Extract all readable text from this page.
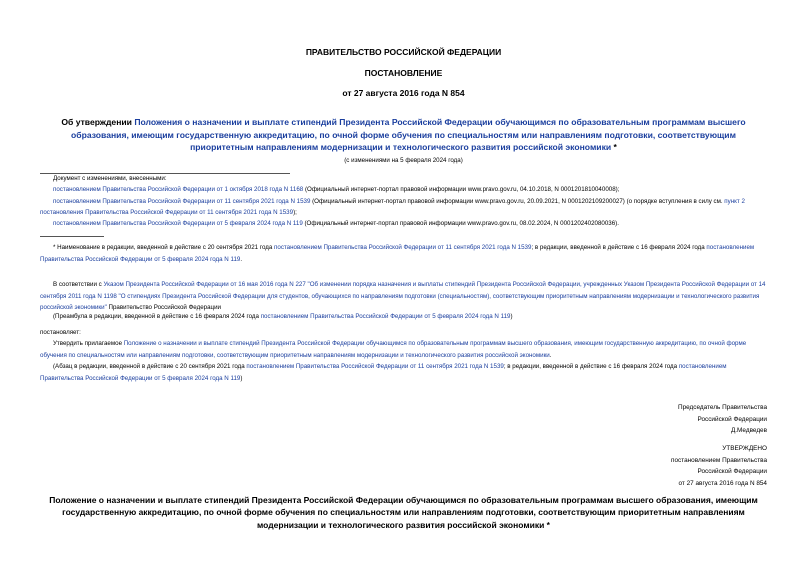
ПРАВИТЕЛЬСТВО РОССИЙСКОЙ ФЕДЕРАЦИИ
ПОСТАНОВЛЕНИЕ
от 27 августа 2016 года N 854
Об утверждении Положения о назначении и выплате стипендий Президента Российской Федерации обучающимся по образовательным программам высшего образования, имеющим государственную аккредитацию, по очной форме обучения по специальностям или направлениям подготовки, соответствующим приоритетным направлениям модернизации и технологического развития российской экономики *
(с изменениями на 5 февраля 2024 года)
Документ с изменениями, внесенными:
постановлением Правительства Российской Федерации от 1 октября 2018 года N 1168 (Официальный интернет-портал правовой информации www.pravo.gov.ru, 04.10.2018, N 0001201810040008);
постановлением Правительства Российской Федерации от 11 сентября 2021 года N 1539 (Официальный интернет-портал правовой информации www.pravo.gov.ru, 20.09.2021, N 0001202109200027) (о порядке вступления в силу см. пункт 2 постановления Правительства Российской Федерации от 11 сентября 2021 года N 1539);
постановлением Правительства Российской Федерации от 5 февраля 2024 года N 119 (Официальный интернет-портал правовой информации www.pravo.gov.ru, 08.02.2024, N 0001202402080036).
* Наименование в редакции, введенной в действие с 20 сентября 2021 года постановлением Правительства Российской Федерации от 11 сентября 2021 года N 1539; в редакции, введенной в действие с 16 февраля 2024 года постановлением Правительства Российской Федерации от 5 февраля 2024 года N 119.
В соответствии с Указом Президента Российской Федерации от 16 мая 2016 года N 227 "Об изменении порядка назначения и выплаты стипендий Президента Российской Федерации, учрежденных Указом Президента Российской Федерации от 14 сентября 2011 года N 1198 "О стипендиях Президента Российской Федерации для студентов, обучающихся по направлениям подготовки (специальностям), соответствующим приоритетным направлениям модернизации и технологического развития российской экономики" Правительство Российской Федерации
(Преамбула в редакции, введенной в действие с 16 февраля 2024 года постановлением Правительства Российской Федерации от 5 февраля 2024 года N 119)
постановляет:
Утвердить прилагаемое Положение о назначении и выплате стипендий Президента Российской Федерации обучающимся по образовательным программам высшего образования, имеющим государственную аккредитацию, по очной форме обучения по специальностям или направлениям подготовки, соответствующим приоритетным направлениям модернизации и технологического развития российской экономики.
(Абзац в редакции, введенной в действие с 20 сентября 2021 года постановлением Правительства Российской Федерации от 11 сентября 2021 года N 1539; в редакции, введенной в действие с 16 февраля 2024 года постановлением Правительства Российской Федерации от 5 февраля 2024 года N 119)
Председатель Правительства
Российской Федерации
Д.Медведев
УТВЕРЖДЕНО
постановлением Правительства
Российской Федерации
от 27 августа 2016 года N 854
Положение о назначении и выплате стипендий Президента Российской Федерации обучающимся по образовательным программам высшего образования, имеющим государственную аккредитацию, по очной форме обучения по специальностям или направлениям подготовки, соответствующим приоритетным направлениям модернизации и технологического развития российской экономики *
